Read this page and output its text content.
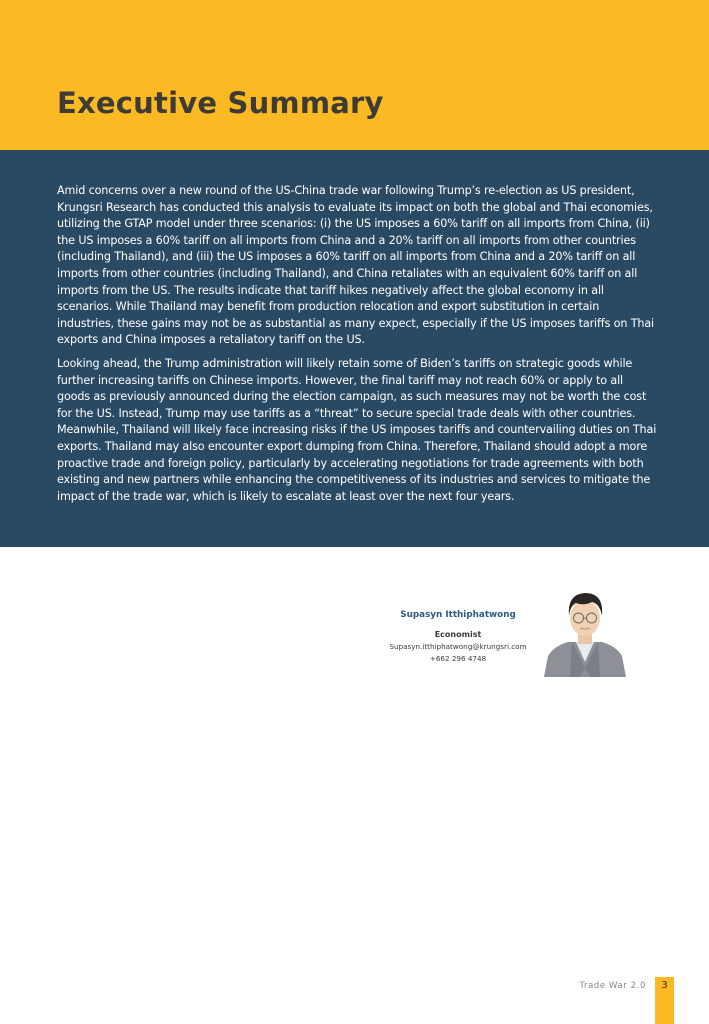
Executive Summary

Amid concerns over a new round of the US-China trade war following Trump’s re-election as US president, Krungsri Research has conducted this analysis to evaluate its impact on both the global and Thai economies, utilizing the GTAP model under three scenarios: (i) the US imposes a 60% tariff on all imports from China, (ii) the US imposes a 60% tariff on all imports from China and a 20% tariff on all imports from other countries (including Thailand), and (iii) the US imposes a 60% tariff on all imports from China and a 20% tariff on all imports from other countries (including Thailand), and China retaliates with an equivalent 60% tariff on all imports from the US. The results indicate that tariff hikes negatively affect the global economy in all scenarios. While Thailand may benefit from production relocation and export substitution in certain industries, these gains may not be as substantial as many expect, especially if the US imposes tariffs on Thai exports and China imposes a retaliatory tariff on the US.

Looking ahead, the Trump administration will likely retain some of Biden’s tariffs on strategic goods while further increasing tariffs on Chinese imports. However, the final tariff may not reach 60% or apply to all goods as previously announced during the election campaign, as such measures may not be worth the cost for the US. Instead, Trump may use tariffs as a “threat” to secure special trade deals with other countries. Meanwhile, Thailand will likely face increasing risks if the US imposes tariffs and countervailing duties on Thai exports. Thailand may also encounter export dumping from China. Therefore, Thailand should adopt a more proactive trade and foreign policy, particularly by accelerating negotiations for trade agreements with both existing and new partners while enhancing the competitiveness of its industries and services to mitigate the impact of the trade war, which is likely to escalate at least over the next four years.

Supasyn Itthiphatwong
Economist
Supasyn.itthiphatwong@krungsri.com
+662 296 4748
Trade War 2.0	3
